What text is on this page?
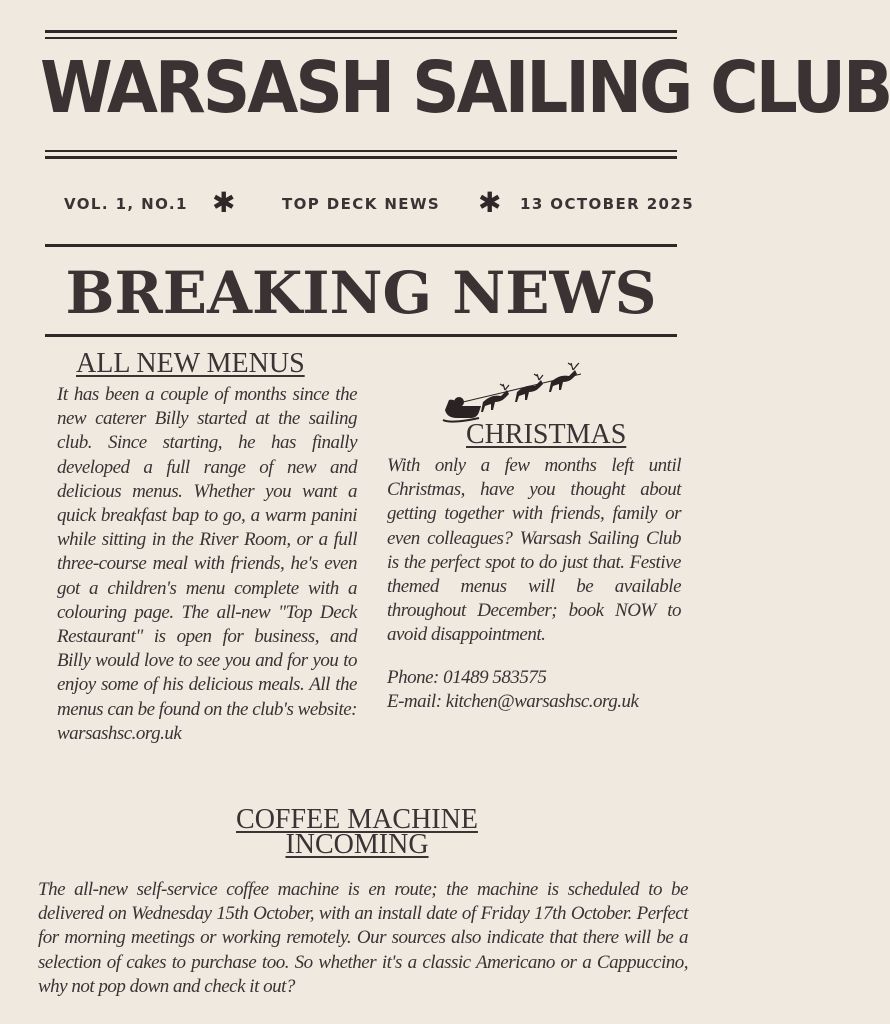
WARSASH SAILING CLUB
VOL. 1, NO.1 ✱	TOP DECK NEWS ✱ 13 OCTOBER 2025
BREAKING NEWS
ALL NEW MENUS
It has been a couple of months since the new caterer Billy started at the sailing club. Since starting, he has finally developed a full range of new and delicious menus. Whether you want a quick breakfast bap to go, a warm panini while sitting in the River Room, or a full three-course meal with friends, he's even got a children's menu complete with a colouring page. The all-new "Top Deck Restaurant" is open for business, and Billy would love to see you and for you to enjoy some of his delicious meals. All the menus can be found on the club's website: warsashsc.org.uk
CHRISTMAS
With only a few months left until Christmas, have you thought about getting together with friends, family or even colleagues? Warsash Sailing Club is the perfect spot to do just that. Festive themed menus will be available throughout December; book NOW to avoid disappointment.
Phone: 01489 583575
E-mail: kitchen@warsashsc.org.uk
COFFEE MACHINE
INCOMING
The all-new self-service coffee machine is en route; the machine is scheduled to be delivered on Wednesday 15th October, with an install date of Friday 17th October. Perfect for morning meetings or working remotely. Our sources also indicate that there will be a selection of cakes to purchase too. So whether it's a classic Americano or a Cappuccino, why not pop down and check it out?
